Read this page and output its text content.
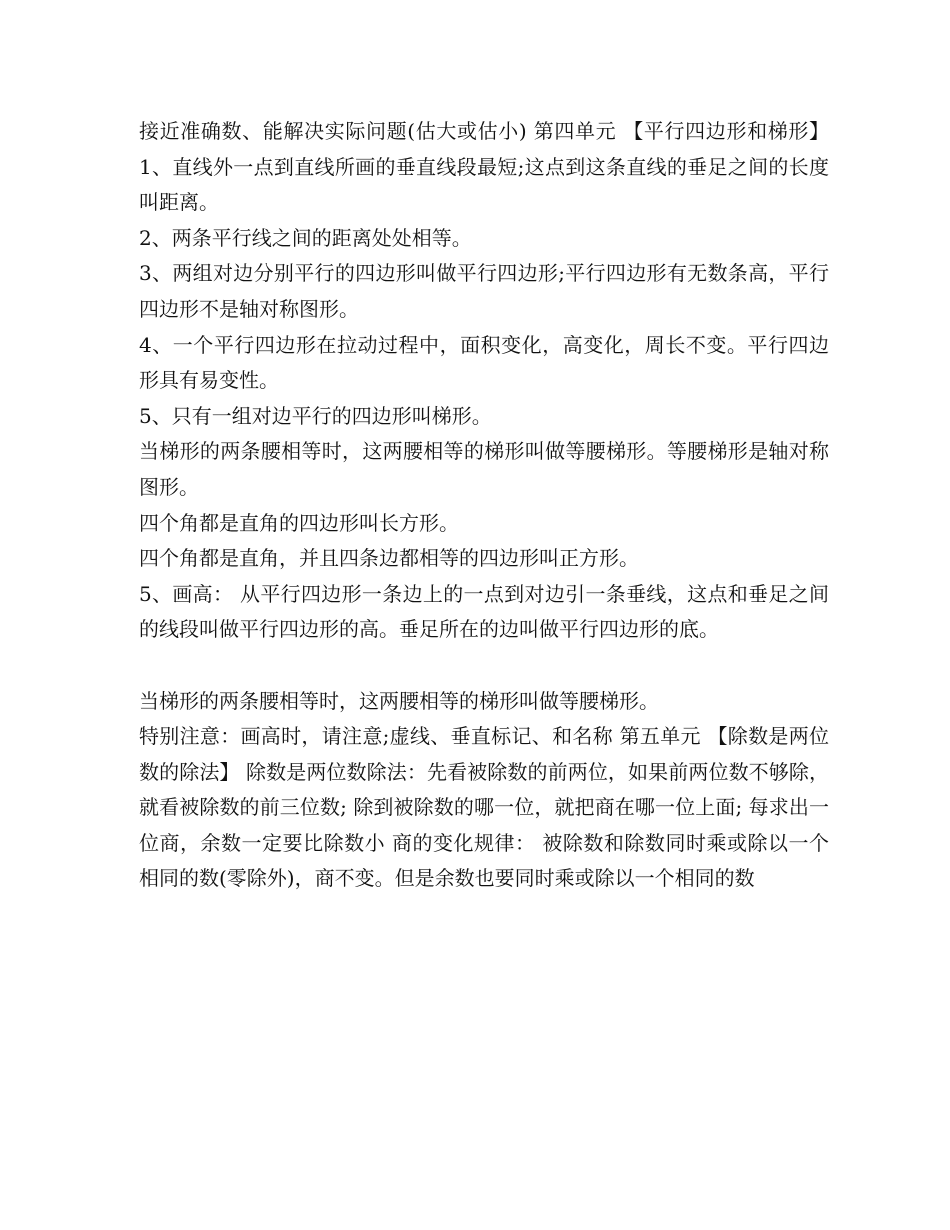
接近准确数、能解决实际问题(估大或估小) 第四单元 【平行四边形和梯形】 1、直线外一点到直线所画的垂直线段最短;这点到这条直线的垂足之间的长度叫距离。

2、两条平行线之间的距离处处相等。

3、两组对边分别平行的四边形叫做平行四边形;平行四边形有无数条高，平行四边形不是轴对称图形。

4、一个平行四边形在拉动过程中，面积变化，高变化，周长不变。平行四边形具有易变性。

5、只有一组对边平行的四边形叫梯形。

当梯形的两条腰相等时，这两腰相等的梯形叫做等腰梯形。等腰梯形是轴对称图形。

四个角都是直角的四边形叫长方形。

四个角都是直角，并且四条边都相等的四边形叫正方形。

5、画高： 从平行四边形一条边上的一点到对边引一条垂线，这点和垂足之间的线段叫做平行四边形的高。垂足所在的边叫做平行四边形的底。

当梯形的两条腰相等时，这两腰相等的梯形叫做等腰梯形。

特别注意：画高时，请注意;虚线、垂直标记、和名称 第五单元 【除数是两位数的除法】 除数是两位数除法：先看被除数的前两位，如果前两位数不够除，就看被除数的前三位数; 除到被除数的哪一位，就把商在哪一位上面; 每求出一位商，余数一定要比除数小 商的变化规律： 被除数和除数同时乘或除以一个相同的数(零除外)，商不变。但是余数也要同时乘或除以一个相同的数
